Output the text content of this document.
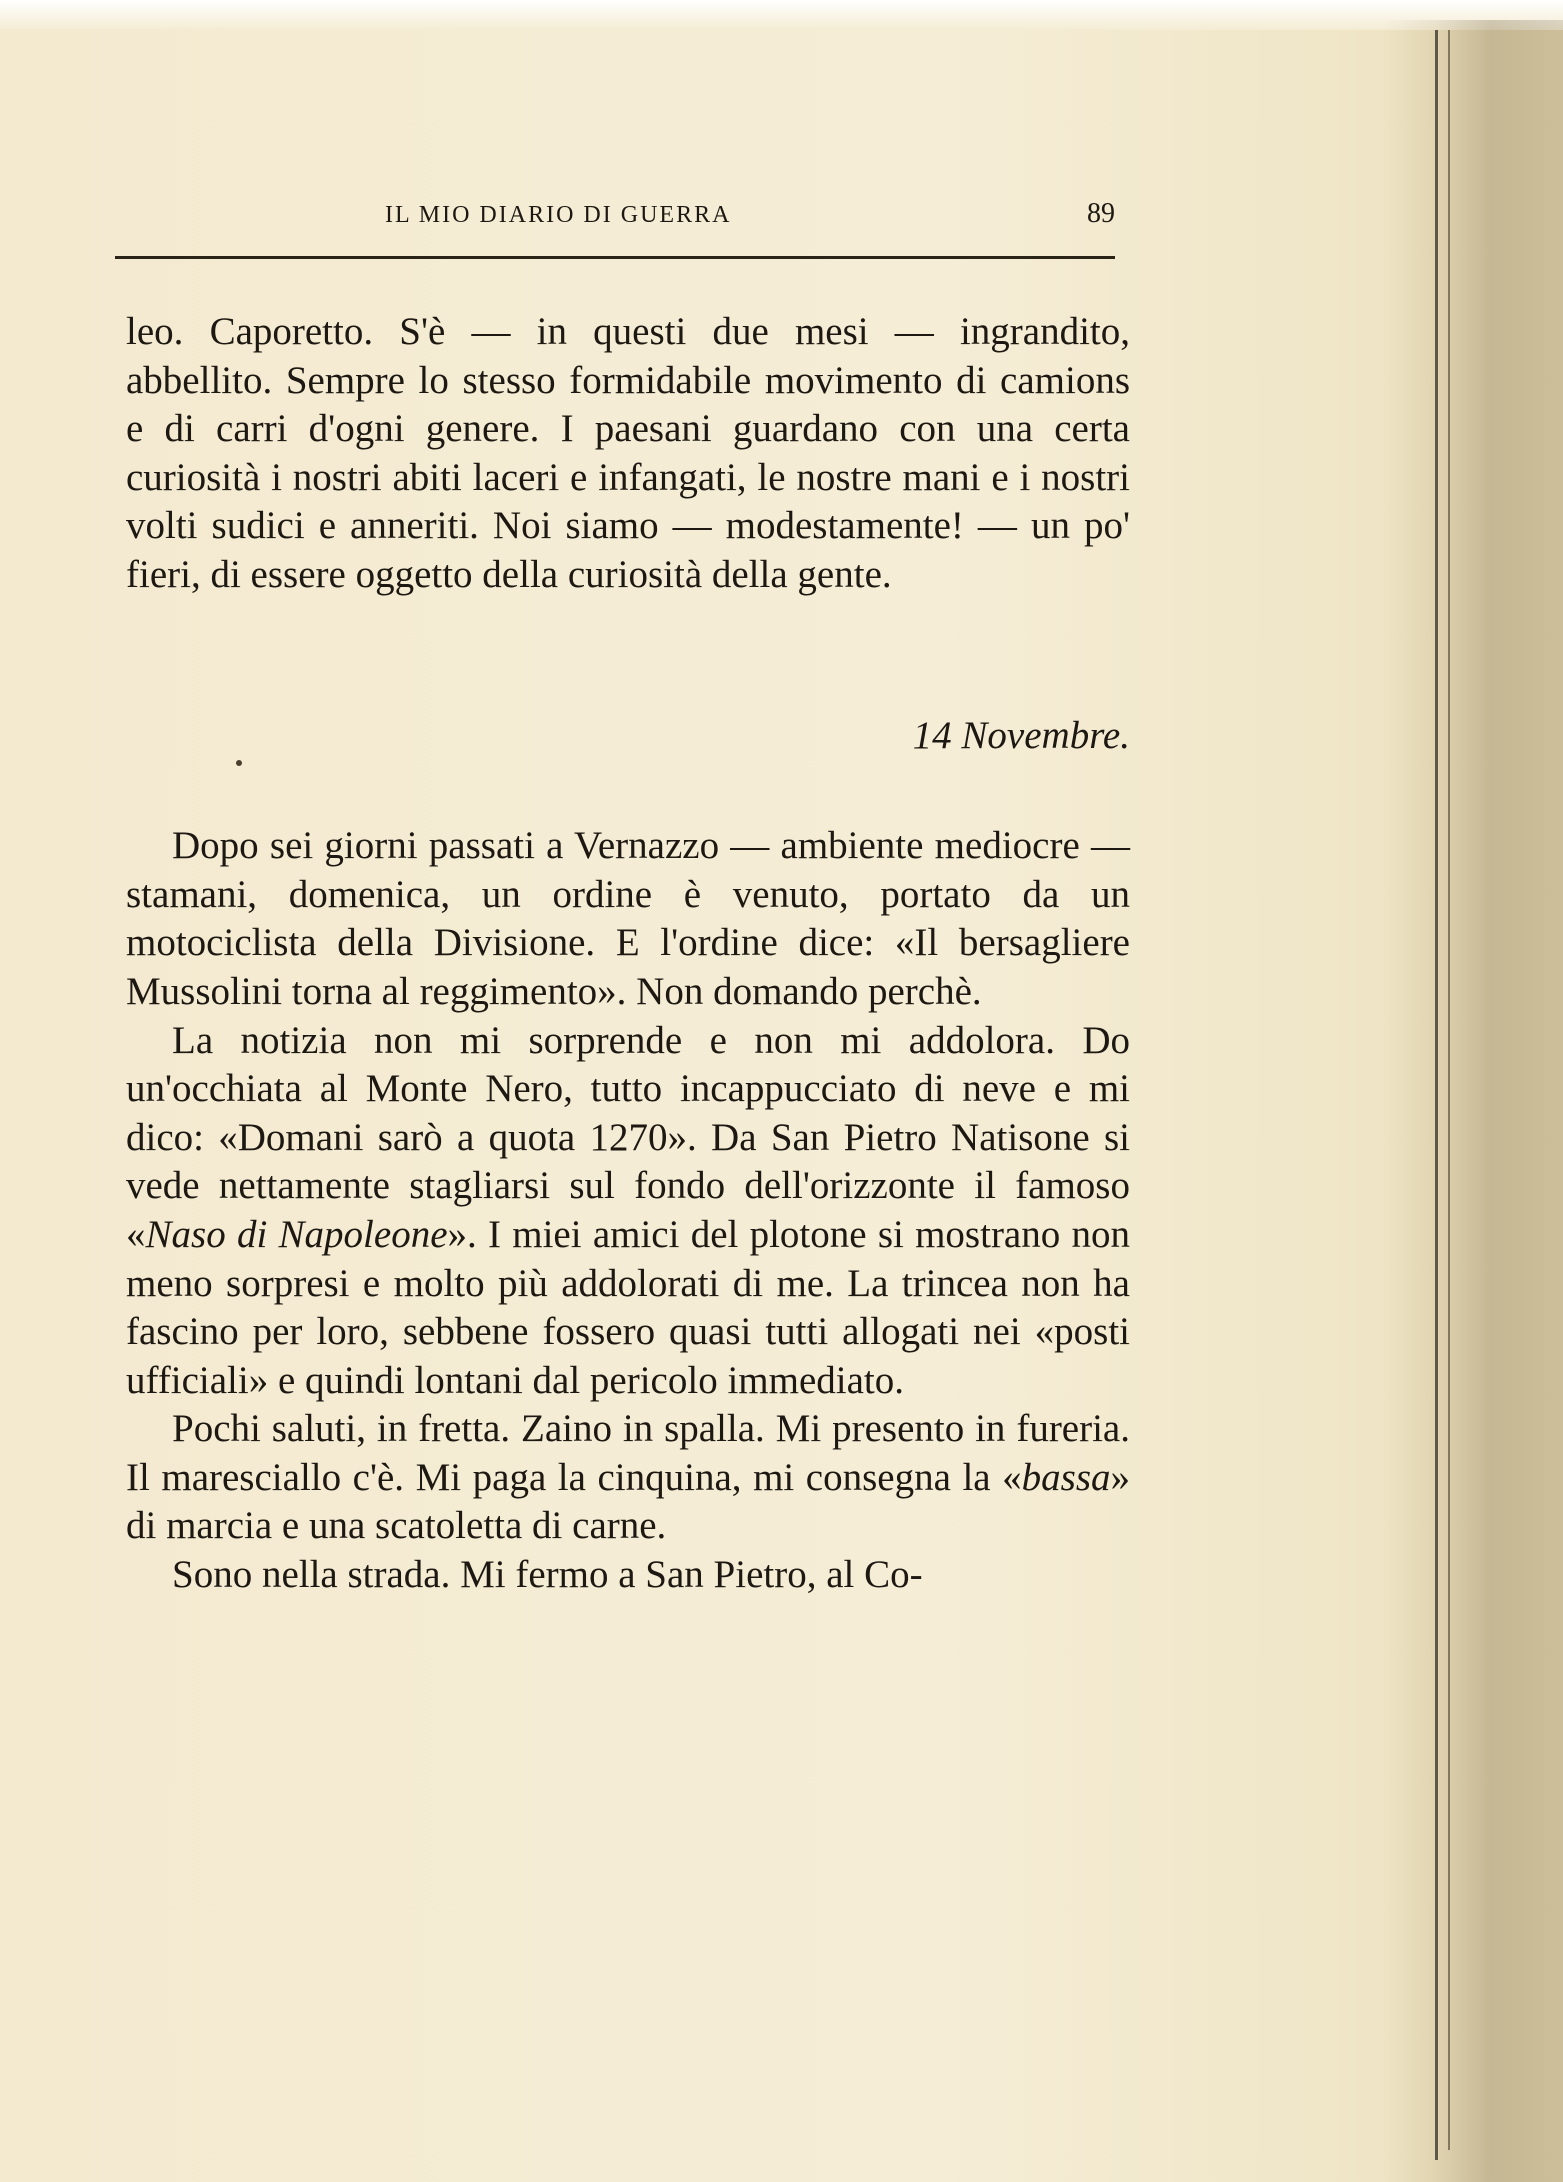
IL MIO DIARIO DI GUERRA	89

leo. Caporetto. S'è — in questi due mesi — ingrandito, abbellito. Sempre lo stesso formidabile movimento di camions e di carri d'ogni genere. I paesani guardano con una certa curiosità i nostri abiti laceri e infangati, le nostre mani e i nostri volti sudici e anneriti. Noi siamo — modestamente! — un po' fieri, di essere oggetto della curiosità della gente.

14 Novembre.

Dopo sei giorni passati a Vernazzo — ambiente mediocre — stamani, domenica, un ordine è venuto, portato da un motociclista della Divisione. E l'ordine dice: «Il bersagliere Mussolini torna al reggimento». Non domando perchè.

La notizia non mi sorprende e non mi addolora. Do un'occhiata al Monte Nero, tutto incappucciato di neve e mi dico: «Domani sarò a quota 1270». Da San Pietro Natisone si vede nettamente stagliarsi sul fondo dell'orizzonte il famoso «Naso di Napoleone». I miei amici del plotone si mostrano non meno sorpresi e molto più addolorati di me. La trincea non ha fascino per loro, sebbene fossero quasi tutti allogati nei «posti ufficiali» e quindi lontani dal pericolo immediato.

Pochi saluti, in fretta. Zaino in spalla. Mi presento in fureria. Il maresciallo c'è. Mi paga la cinquina, mi consegna la «bassa» di marcia e una scatoletta di carne.

Sono nella strada. Mi fermo a San Pietro, al Co-
